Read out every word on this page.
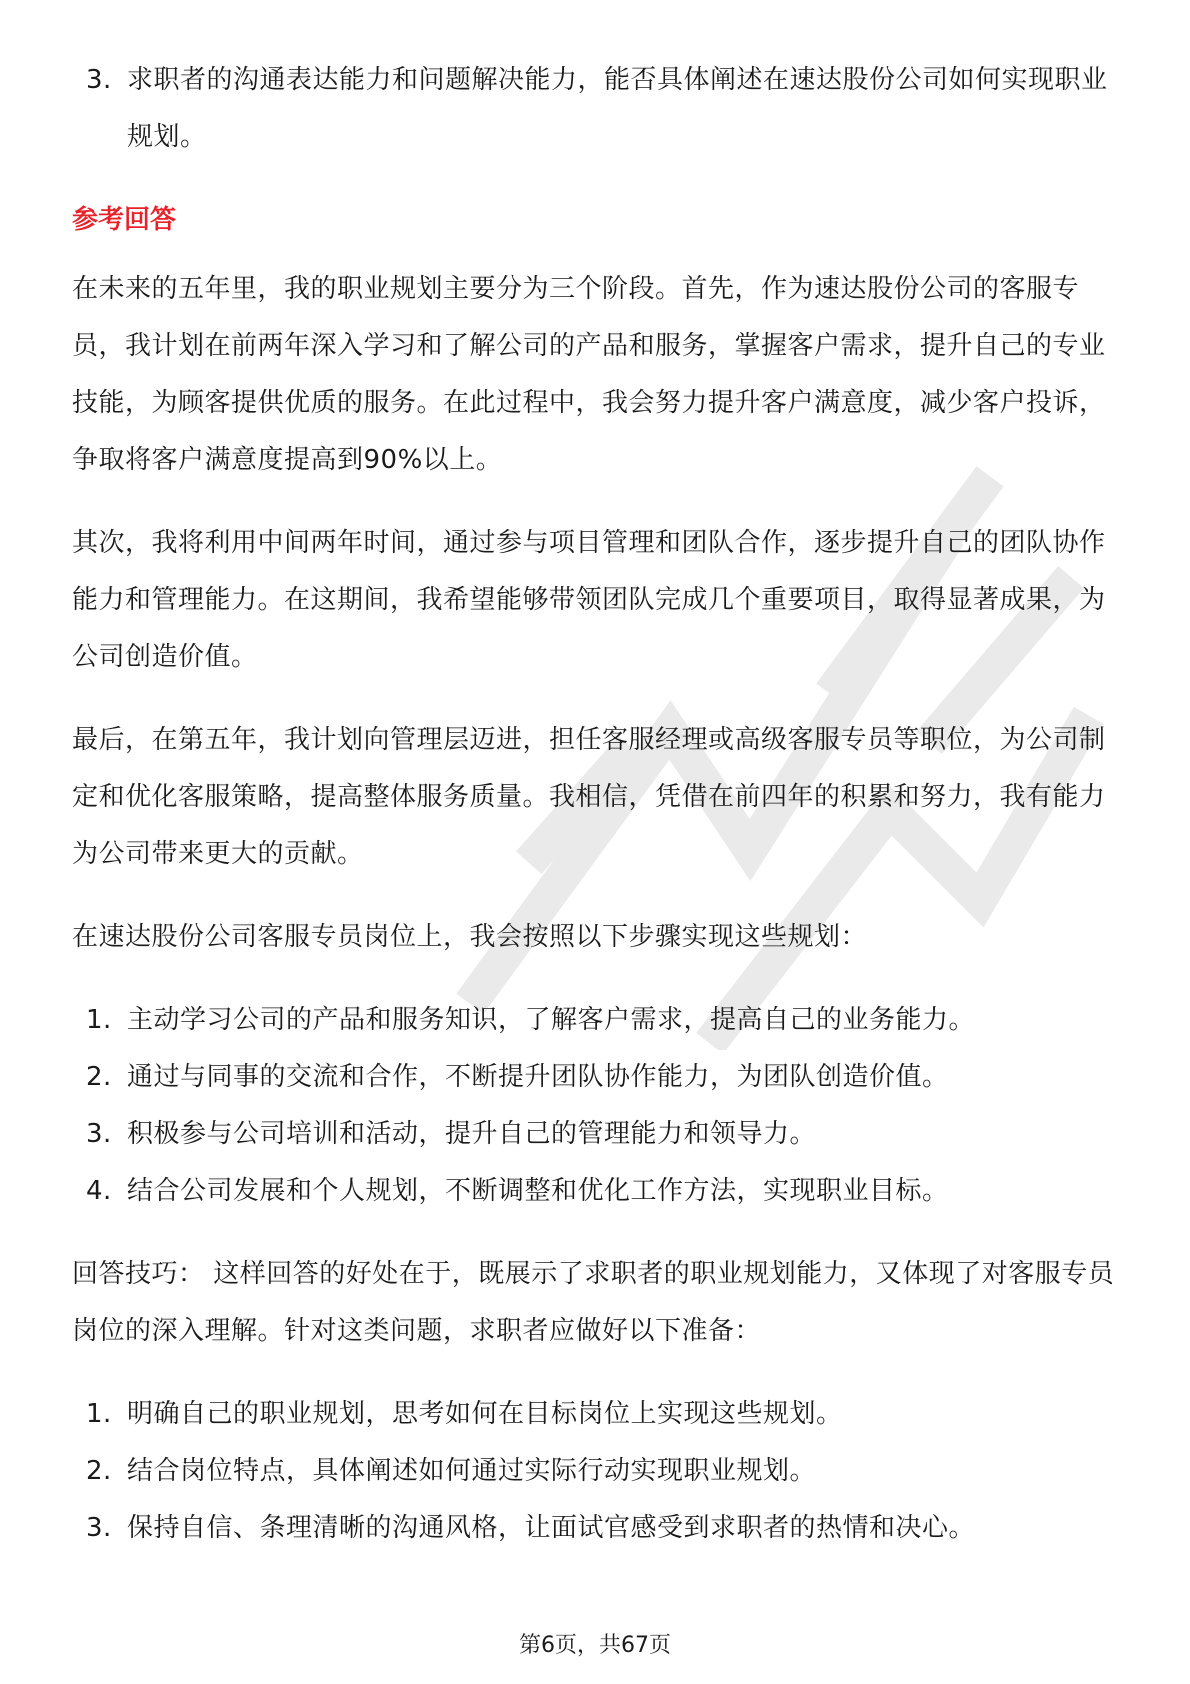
3. 求职者的沟通表达能力和问题解决能力，能否具体阐述在速达股份公司如何实现职业规划。
参考回答

在未来的五年里，我的职业规划主要分为三个阶段。首先，作为速达股份公司的客服专员，我计划在前两年深入学习和了解公司的产品和服务，掌握客户需求，提升自己的专业技能，为顾客提供优质的服务。在此过程中，我会努力提升客户满意度，减少客户投诉，争取将客户满意度提高到90%以上。

其次，我将利用中间两年时间，通过参与项目管理和团队合作，逐步提升自己的团队协作能力和管理能力。在这期间，我希望能够带领团队完成几个重要项目，取得显著成果，为公司创造价值。

最后，在第五年，我计划向管理层迈进，担任客服经理或高级客服专员等职位，为公司制定和优化客服策略，提高整体服务质量。我相信，凭借在前四年的积累和努力，我有能力为公司带来更大的贡献。

在速达股份公司客服专员岗位上，我会按照以下步骤实现这些规划：

1. 主动学习公司的产品和服务知识，了解客户需求，提高自己的业务能力。
2. 通过与同事的交流和合作，不断提升团队协作能力，为团队创造价值。
3. 积极参与公司培训和活动，提升自己的管理能力和领导力。
4. 结合公司发展和个人规划，不断调整和优化工作方法，实现职业目标。

回答技巧： 这样回答的好处在于，既展示了求职者的职业规划能力，又体现了对客服专员岗位的深入理解。针对这类问题，求职者应做好以下准备：

1. 明确自己的职业规划，思考如何在目标岗位上实现这些规划。
2. 结合岗位特点，具体阐述如何通过实际行动实现职业规划。
3. 保持自信、条理清晰的沟通风格，让面试官感受到求职者的热情和决心。
第6页，共67页
